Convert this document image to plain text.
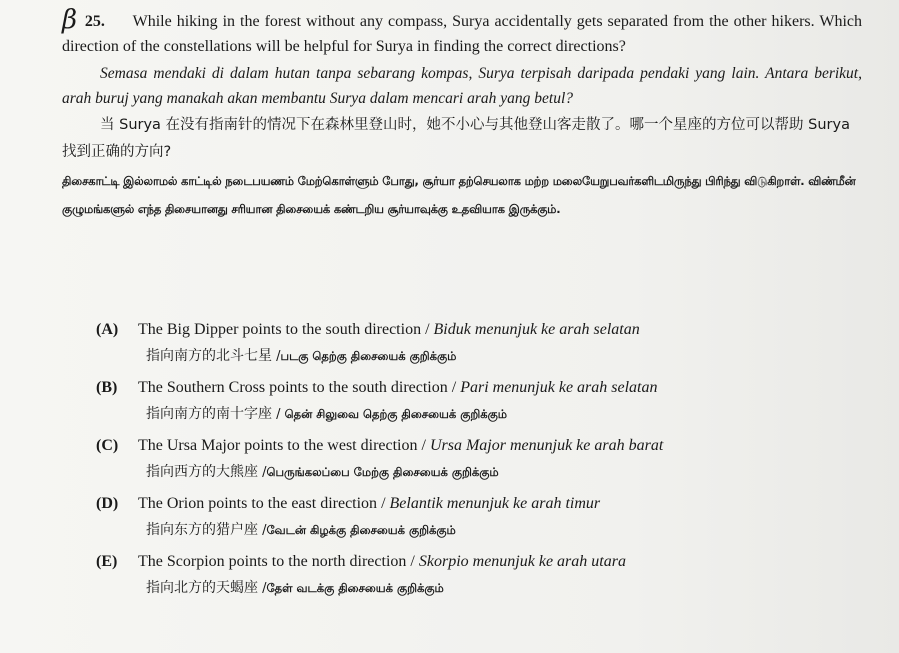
β 25. While hiking in the forest without any compass, Surya accidentally gets separated from the other hikers. Which direction of the constellations will be helpful for Surya in finding the correct directions?
Semasa mendaki di dalam hutan tanpa sebarang kompas, Surya terpisah daripada pendaki yang lain. Antara berikut, arah buruj yang manakah akan membantu Surya dalam mencari arah yang betul?
当 Surya 在没有指南针的情况下在森林里登山时，她不小心与其他登山客走散了。哪一个星座的方位可以帮助 Surya 找到正确的方向?
திசைகாட்டி இல்லாமல் காட்டில் நடைபயணம் மேற்கொள்ளும் போது, சூர்யா தற்செயலாக மற்ற மலையேறுபவர்களிடமிருந்து பிரிந்து விடுகிறாள். விண்மீன் குழுமங்களுல் எந்த திசையானது சரியான திசையைக் கண்டறிய சூர்யாவுக்கு உதவியாக இருக்கும்.
(A) The Big Dipper points to the south direction / Biduk menunjuk ke arah selatan
指向南方的北斗七星 /படகு தெற்கு திசையைக் குறிக்கும்
(B) The Southern Cross points to the south direction / Pari menunjuk ke arah selatan
指向南方的南十字座 / தென் சிலுவை தெற்கு திசையைக் குறிக்கும்
(C) The Ursa Major points to the west direction / Ursa Major menunjuk ke arah barat
指向西方的大熊座 /பெருங்கலப்பை மேற்கு திசையைக் குறிக்கும்
(D) The Orion points to the east direction / Belantik menunjuk ke arah timur
指向东方的猎户座 /வேடன் கிழக்கு திசையைக் குறிக்கும்
(E) The Scorpion points to the north direction / Skorpio menunjuk ke arah utara
指向北方的天蝎座 /தேள் வடக்கு திசையைக் குறிக்கும்
